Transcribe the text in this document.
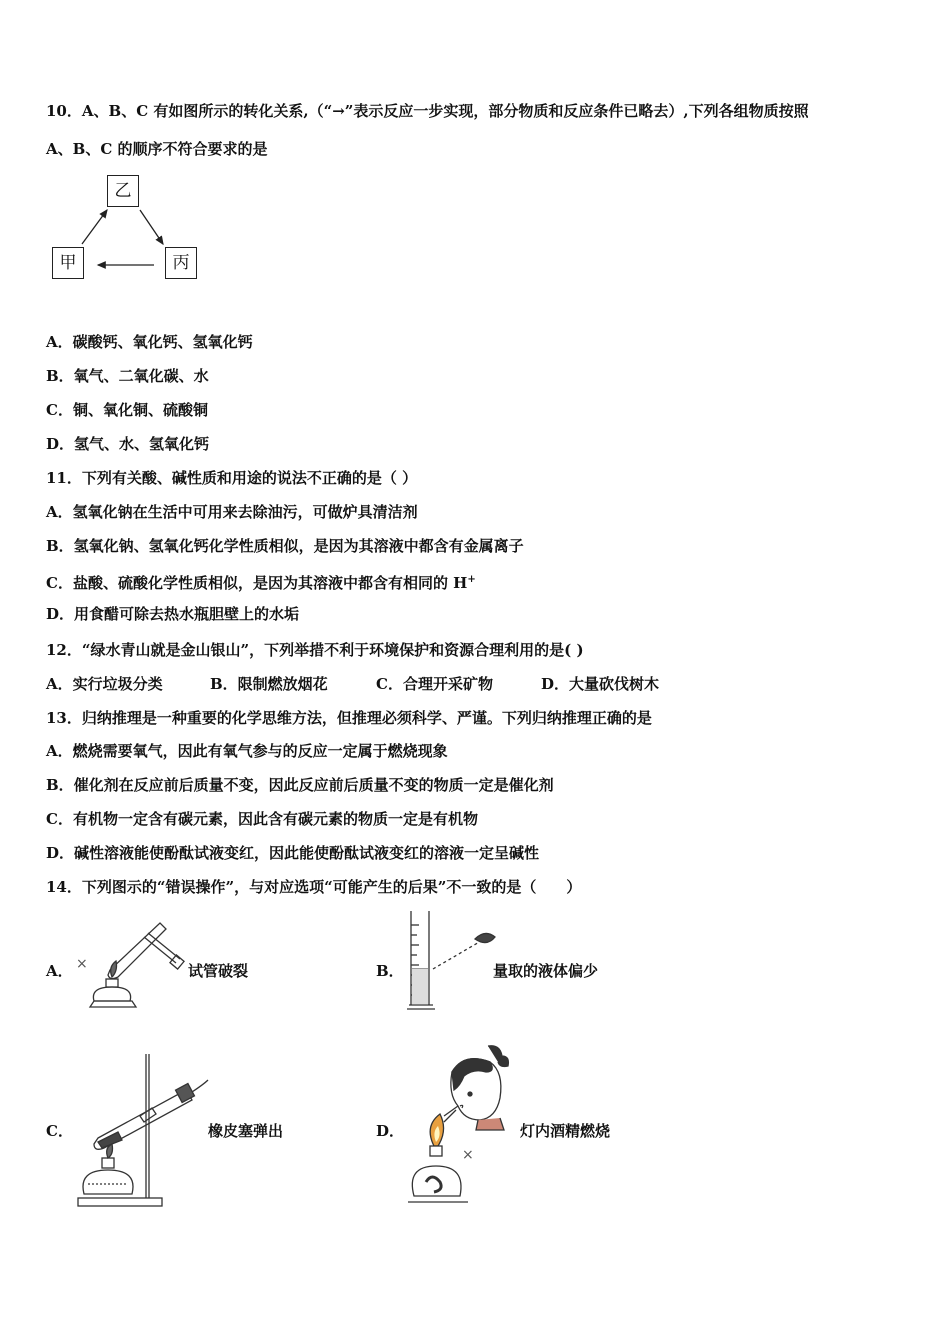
10．A、B、C 有如图所示的转化关系,（“→”表示反应一步实现，部分物质和反应条件已略去）,下列各组物质按照
A、B、C 的顺序不符合要求的是
乙
甲	丙
A．碳酸钙、氧化钙、氢氧化钙
B．氧气、二氧化碳、水
C．铜、氧化铜、硫酸铜
D．氢气、水、氢氧化钙
11．下列有关酸、碱性质和用途的说法不正确的是（ ）
A．氢氧化钠在生活中可用来去除油污，可做炉具清洁剂
B．氢氧化钠、氢氧化钙化学性质相似，是因为其溶液中都含有金属离子
C．盐酸、硫酸化学性质相似，是因为其溶液中都含有相同的 H+
D．用食醋可除去热水瓶胆壁上的水垢
12．“绿水青山就是金山银山”，下列举措不利于环境保护和资源合理利用的是( )
A．实行垃圾分类	B．限制燃放烟花	C．合理开采矿物	D．大量砍伐树木
13．归纳推理是一种重要的化学思维方法，但推理必须科学、严谨。下列归纳推理正确的是
A．燃烧需要氧气，因此有氧气参与的反应一定属于燃烧现象
B．催化剂在反应前后质量不变，因此反应前后质量不变的物质一定是催化剂
C．有机物一定含有碳元素，因此含有碳元素的物质一定是有机物
D．碱性溶液能使酚酞试液变红，因此能使酚酞试液变红的溶液一定呈碱性
14．下列图示的“错误操作”，与对应选项“可能产生的后果”不一致的是（　　）
A．	试管破裂
×	B．	量取的液体偏少
C．	橡皮塞弹出	D．	灯内酒精燃烧
×
